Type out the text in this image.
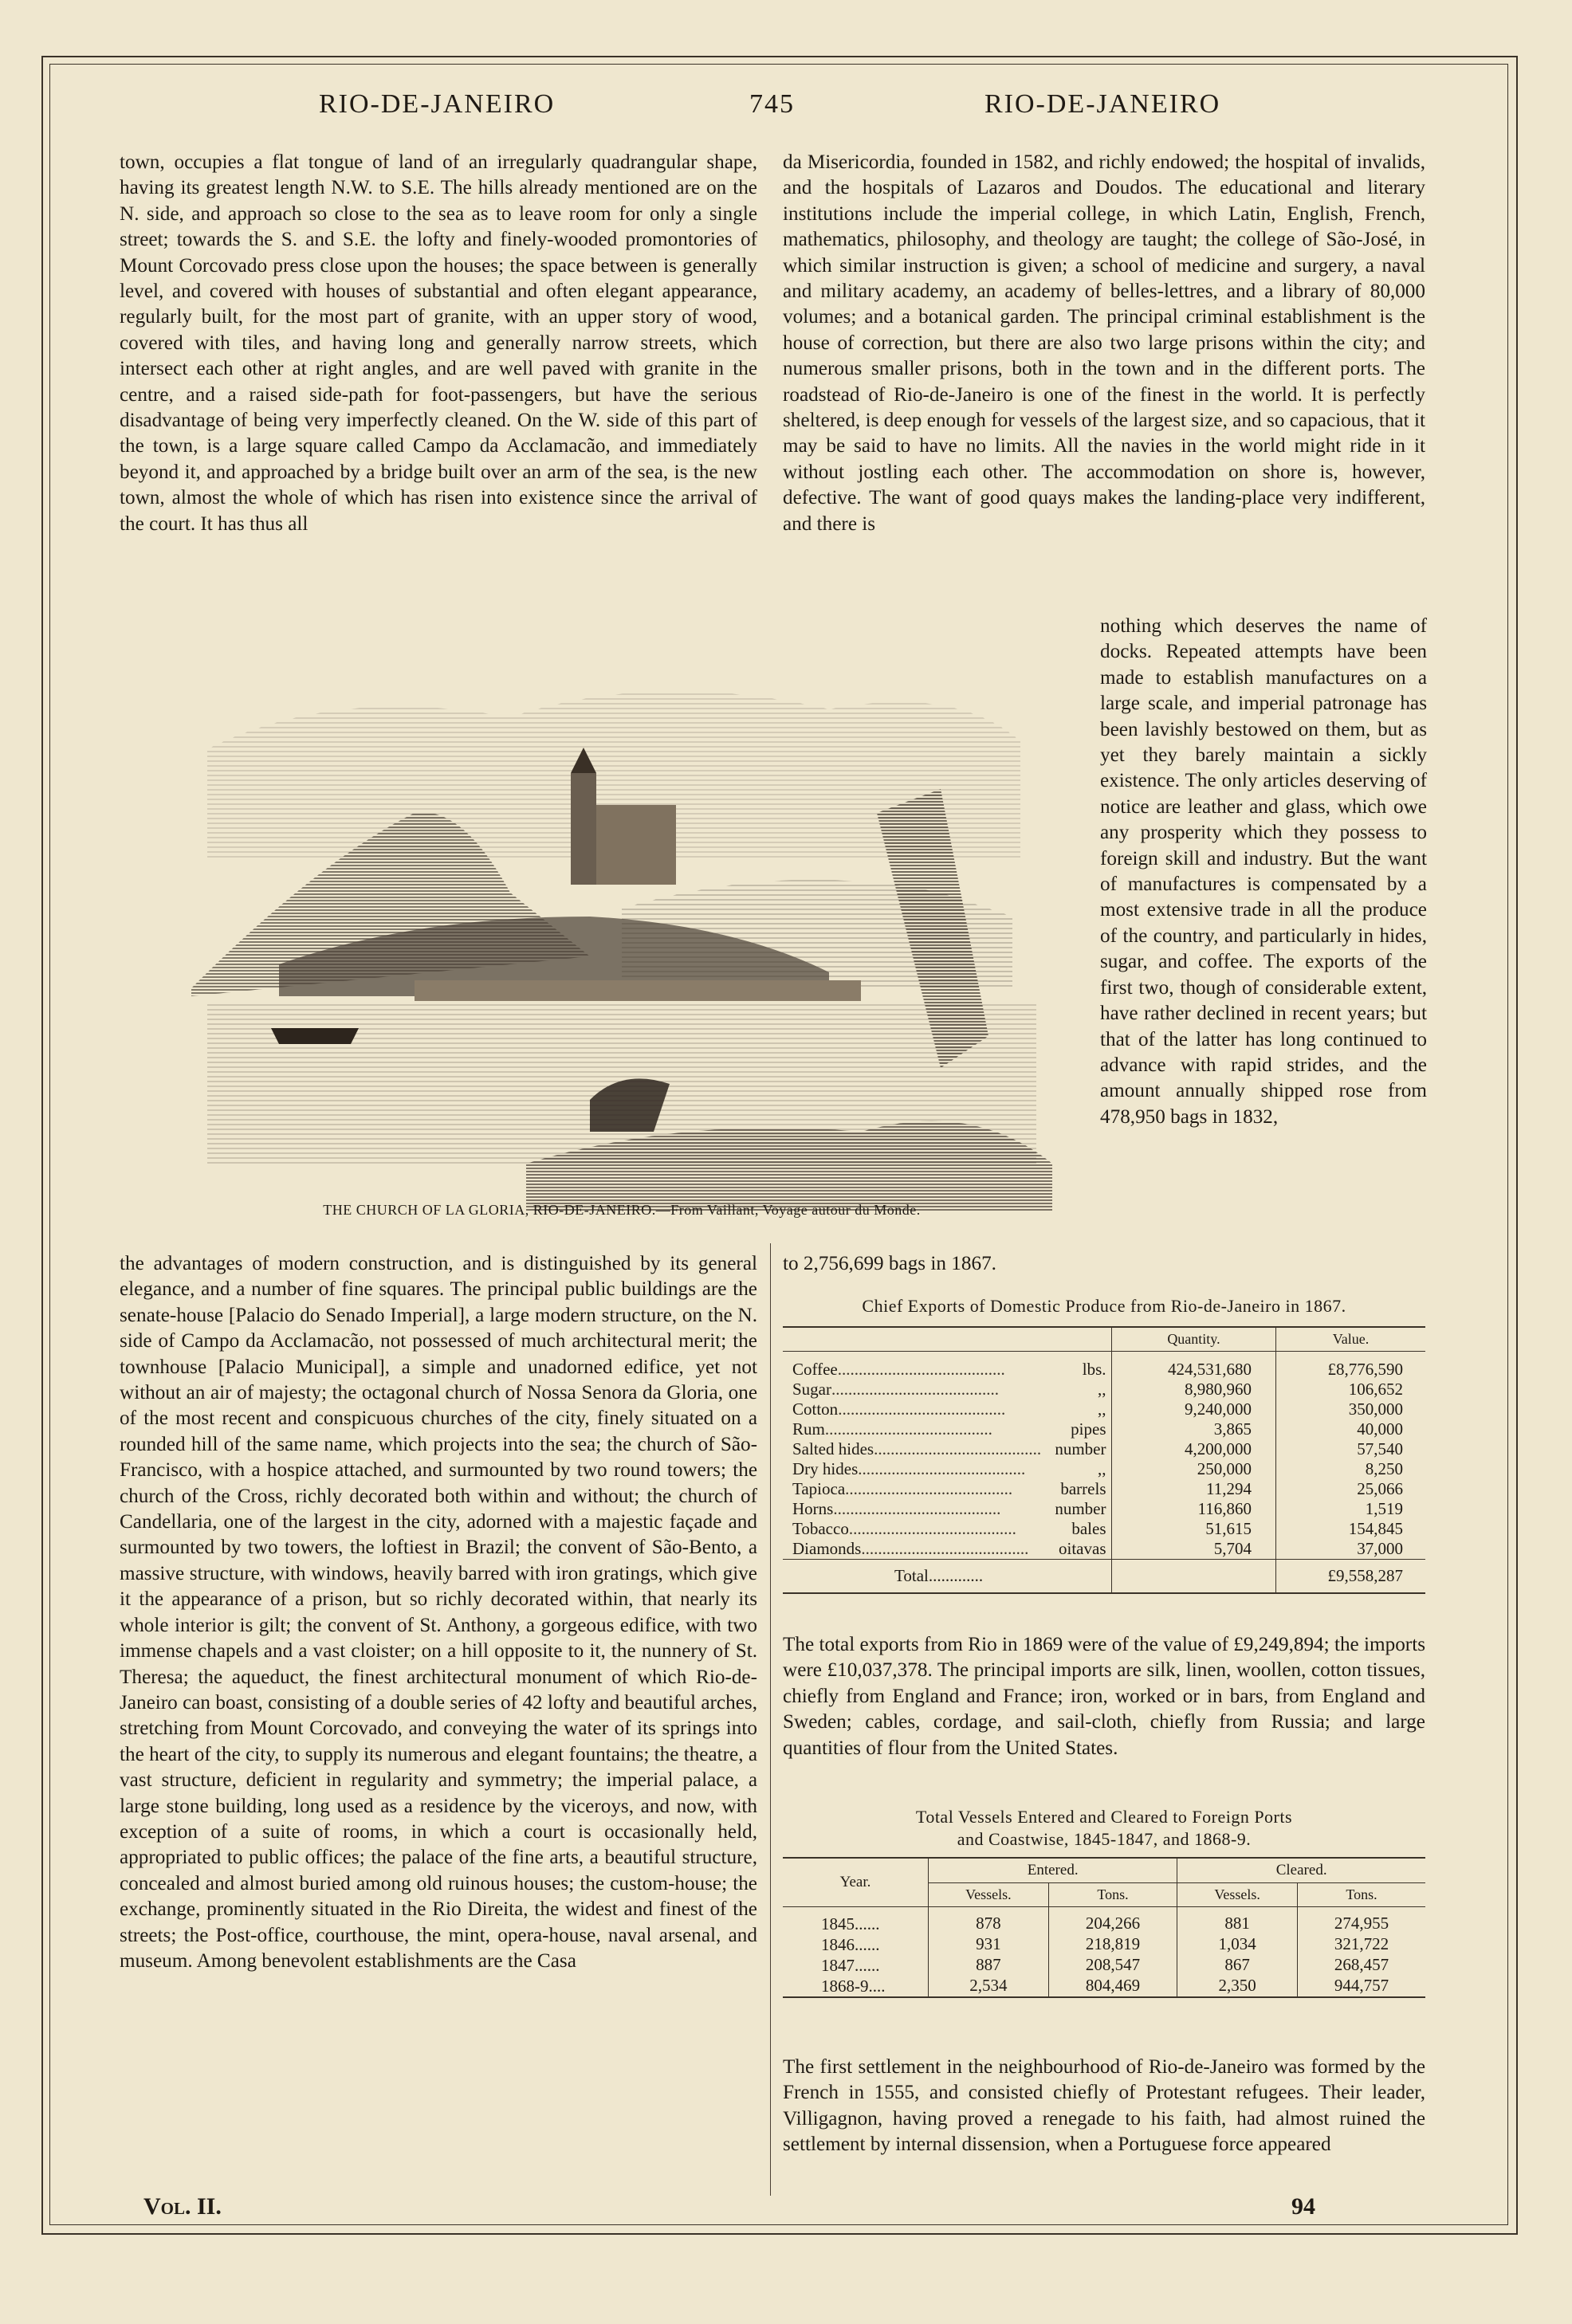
RIO-DE-JANEIRO	745	RIO-DE-JANEIRO

town, occupies a flat tongue of land of an irregularly quadrangular shape, having its greatest length N.W. to S.E. The hills already mentioned are on the N. side, and approach so close to the sea as to leave room for only a single street; towards the S. and S.E. the lofty and finely-wooded promontories of Mount Corcovado press close upon the houses; the space between is generally level, and covered with houses of substantial and often elegant appearance, regularly built, for the most part of granite, with an upper story of wood, covered with tiles, and having long and generally narrow streets, which intersect each other at right angles, and are well paved with granite in the centre, and a raised side-path for foot-passengers, but have the serious disadvantage of being very imperfectly cleaned. On the W. side of this part of the town, is a large square called Campo da Acclamacão, and immediately beyond it, and approached by a bridge built over an arm of the sea, is the new town, almost the whole of which has risen into existence since the arrival of the court. It has thus all

da Misericordia, founded in 1582, and richly endowed; the hospital of invalids, and the hospitals of Lazaros and Doudos. The educational and literary institutions include the imperial college, in which Latin, English, French, mathematics, philosophy, and theology are taught; the college of São-José, in which similar instruction is given; a school of medicine and surgery, a naval and military academy, an academy of belles-lettres, and a library of 80,000 volumes; and a botanical garden. The principal criminal establishment is the house of correction, but there are also two large prisons within the city; and numerous smaller prisons, both in the town and in the different ports. The roadstead of Rio-de-Janeiro is one of the finest in the world. It is perfectly sheltered, is deep enough for vessels of the largest size, and so capacious, that it may be said to have no limits. All the navies in the world might ride in it without jostling each other. The accommodation on shore is, however, defective. The want of good quays makes the landing-place very indifferent, and there is

nothing which deserves the name of docks. Repeated attempts have been made to establish manufactures on a large scale, and imperial patronage has been lavishly bestowed on them, but as yet they barely maintain a sickly existence. The only articles deserving of notice are leather and glass, which owe any prosperity which they possess to foreign skill and industry. But the want of manufactures is compensated by a most extensive trade in all the produce of the country, and particularly in hides, sugar, and coffee. The exports of the first two, though of considerable extent, have rather declined in recent years; but that of the latter has long continued to advance with rapid strides, and the amount annually shipped rose from 478,950 bags in 1832,

to 2,756,699 bags in 1867.

THE CHURCH OF LA GLORIA, RIO-DE-JANEIRO.—From Vaillant, Voyage autour du Monde.

the advantages of modern construction, and is distinguished by its general elegance, and a number of fine squares. The principal public buildings are the senate-house [Palacio do Senado Imperial], a large modern structure, on the N. side of Campo da Acclamacão, not possessed of much architectural merit; the townhouse [Palacio Municipal], a simple and unadorned edifice, yet not without an air of majesty; the octagonal church of Nossa Senora da Gloria, one of the most recent and conspicuous churches of the city, finely situated on a rounded hill of the same name, which projects into the sea; the church of São-Francisco, with a hospice attached, and surmounted by two round towers; the church of the Cross, richly decorated both within and without; the church of Candellaria, one of the largest in the city, adorned with a majestic façade and surmounted by two towers, the loftiest in Brazil; the convent of São-Bento, a massive structure, with windows, heavily barred with iron gratings, which give it the appearance of a prison, but so richly decorated within, that nearly its whole interior is gilt; the convent of St. Anthony, a gorgeous edifice, with two immense chapels and a vast cloister; on a hill opposite to it, the nunnery of St. Theresa; the aqueduct, the finest architectural monument of which Rio-de-Janeiro can boast, consisting of a double series of 42 lofty and beautiful arches, stretching from Mount Corcovado, and conveying the water of its springs into the heart of the city, to supply its numerous and elegant fountains; the theatre, a vast structure, deficient in regularity and symmetry; the imperial palace, a large stone building, long used as a residence by the viceroys, and now, with exception of a suite of rooms, in which a court is occasionally held, appropriated to public offices; the palace of the fine arts, a beautiful structure, concealed and almost buried among old ruinous houses; the custom-house; the exchange, prominently situated in the Rio Direita, the widest and finest of the streets; the Post-office, courthouse, the mint, opera-house, naval arsenal, and museum. Among benevolent establishments are the Casa

Chief Exports of Domestic Produce from Rio-de-Janeiro in 1867.
	Quantity.	Value.

Coffee ........................................	lbs.	424,531,680	£8,776,590

Sugar ........................................	,,	8,980,960	106,652

Cotton ........................................	,,	9,240,000	350,000

Rum ........................................	pipes	3,865	40,000

Salted hides ........................................ number	4,200,000	57,540

Dry hides ........................................	,,	250,000	8,250

Tapioca ........................................	barrels	11,294	25,066

Horns ........................................	number	116,860	1,519

Tobacco ........................................	bales	51,615	154,845

Diamonds ........................................	oitavas	5,704	37,000
Total.............		£9,558,287

The total exports from Rio in 1869 were of the value of £9,249,894; the imports were £10,037,378. The principal imports are silk, linen, woollen, cotton tissues, chiefly from England and France; iron, worked or in bars, from England and Sweden; cables, cordage, and sail-cloth, chiefly from Russia; and large quantities of flour from the United States.

Total Vessels Entered and Cleared to Foreign Ports
and Coastwise, 1845-1847, and 1868-9.
Year.	Entered.		Cleared.	
	Vessels.	Tons.	Vessels.	Tons.
1845......	878	204,266	881	274,955
1846......	931	218,819	1,034	321,722
1847......	887	208,547	867	268,457
1868-9....	2,534	804,469	2,350	944,757

The first settlement in the neighbourhood of Rio-de-Janeiro was formed by the French in 1555, and consisted chiefly of Protestant refugees. Their leader, Villigagnon, having proved a renegade to his faith, had almost ruined the settlement by internal dissension, when a Portuguese force appeared

Vol. II.	94
